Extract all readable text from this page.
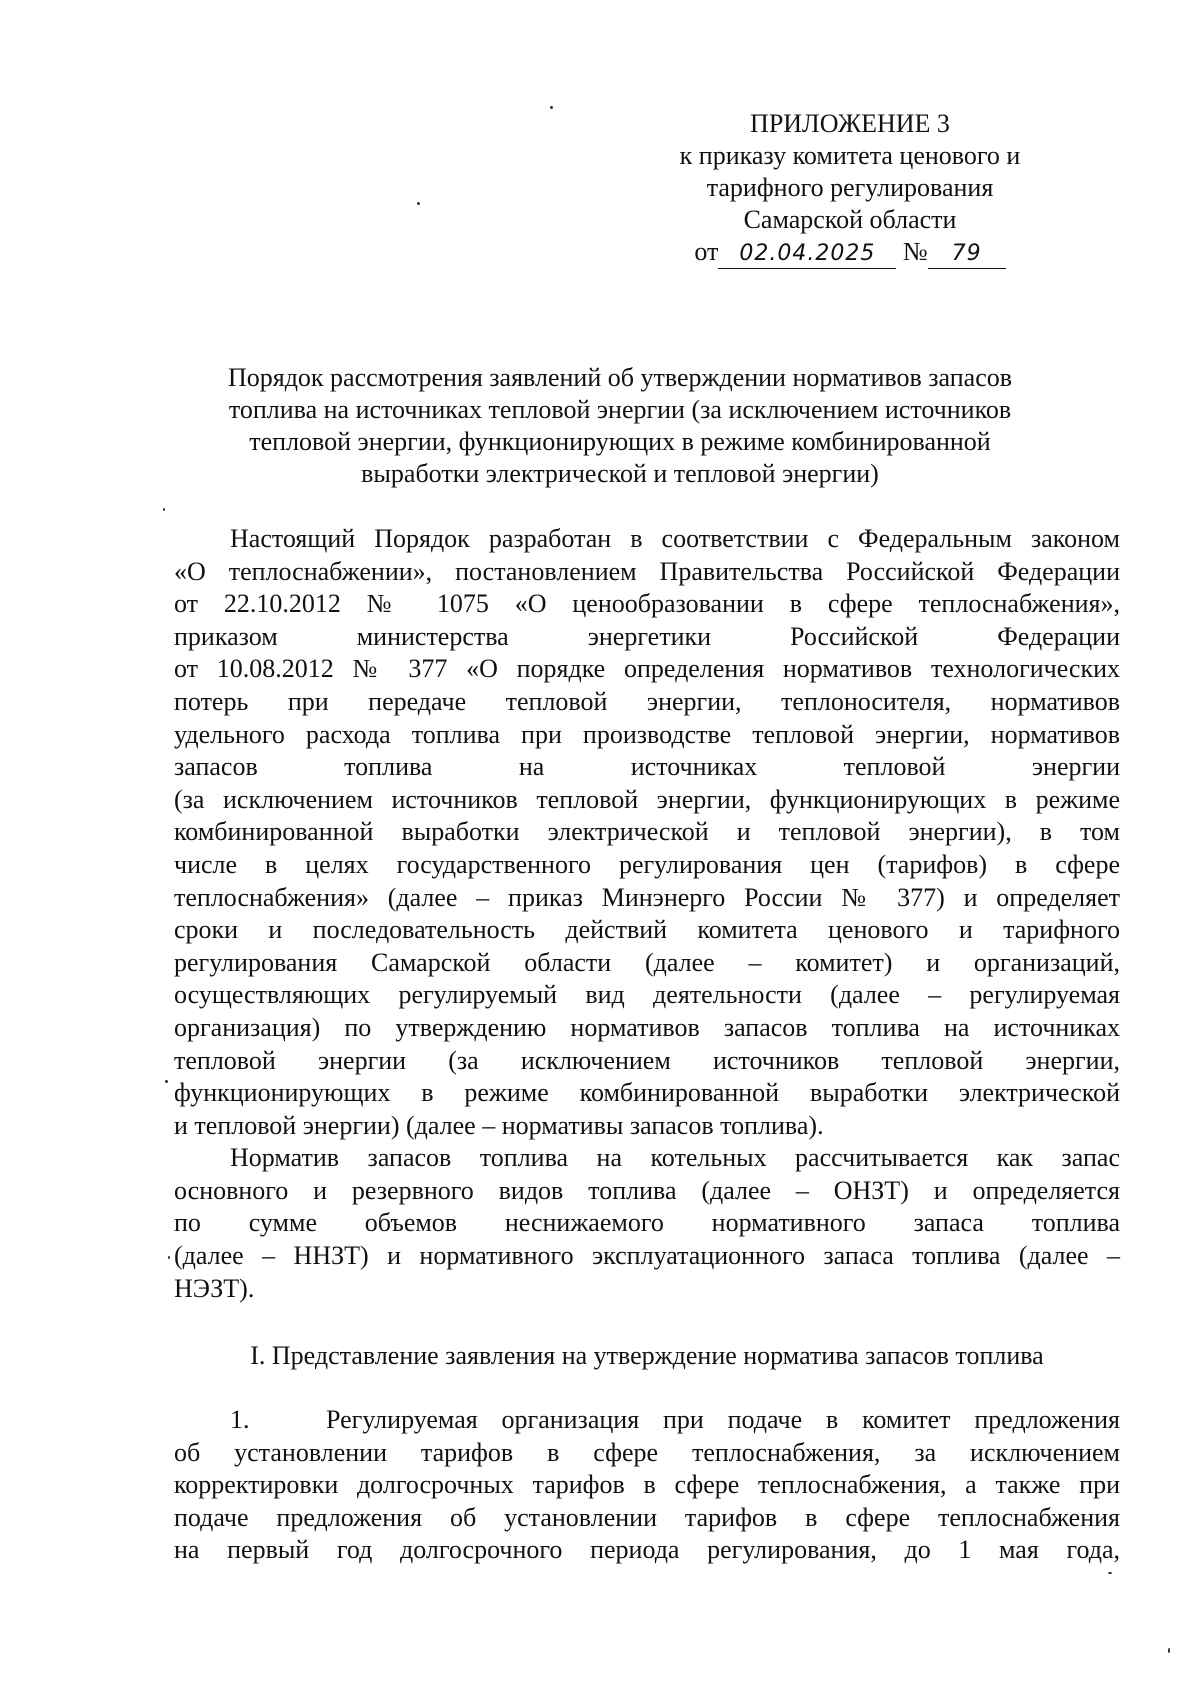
ПРИЛОЖЕНИЕ 3
к приказу комитета ценового и
тарифного регулирования
Самарской области
от 02.04.2025 № 79
Порядок рассмотрения заявлений об утверждении нормативов запасов
топлива на источниках тепловой энергии (за исключением источников
тепловой энергии, функционирующих в режиме комбинированной
выработки электрической и тепловой энергии)

Настоящий Порядок разработан в соответствии с Федеральным законом
«О теплоснабжении», постановлением Правительства Российской Федерации
от 22.10.2012 № 1075 «О ценообразовании в сфере теплоснабжения»,
приказом министерства энергетики Российской Федерации
от 10.08.2012 № 377 «О порядке определения нормативов технологических
потерь при передаче тепловой энергии, теплоносителя, нормативов
удельного расхода топлива при производстве тепловой энергии, нормативов
запасов топлива на источниках тепловой энергии
(за исключением источников тепловой энергии, функционирующих в режиме
комбинированной выработки электрической и тепловой энергии), в том
числе в целях государственного регулирования цен (тарифов) в сфере
теплоснабжения» (далее – приказ Минэнерго России № 377) и определяет
сроки и последовательность действий комитета ценового и тарифного
регулирования Самарской области (далее – комитет) и организаций,
осуществляющих регулируемый вид деятельности (далее – регулируемая
организация) по утверждению нормативов запасов топлива на источниках
тепловой энергии (за исключением источников тепловой энергии,
функционирующих в режиме комбинированной выработки электрической
и тепловой энергии) (далее – нормативы запасов топлива).

Норматив запасов топлива на котельных рассчитывается как запас
основного и резервного видов топлива (далее – ОНЗТ) и определяется
по сумме объемов неснижаемого нормативного запаса топлива
(далее – ННЗТ) и нормативного эксплуатационного запаса топлива (далее –
НЭЗТ).

I. Представление заявления на утверждение норматива запасов топлива

1.	Регулируемая организация при подаче в комитет предложения
об установлении тарифов в сфере теплоснабжения, за исключением
корректировки долгосрочных тарифов в сфере теплоснабжения, а также при
подаче предложения об установлении тарифов в сфере теплоснабжения
на первый год долгосрочного периода регулирования, до 1 мая года,
